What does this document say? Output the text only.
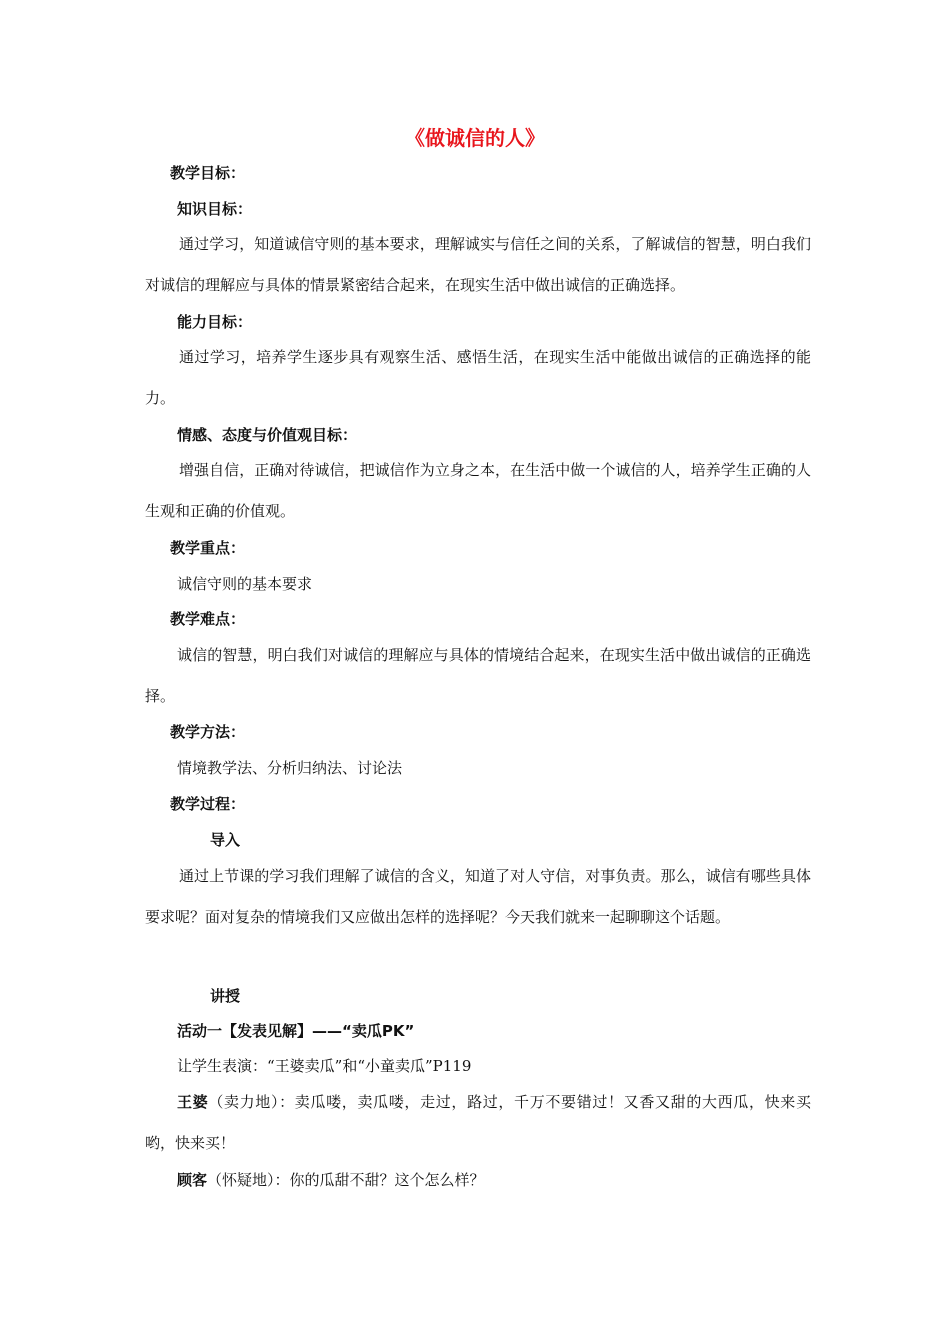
《做诚信的人》
教学目标：
知识目标：

通过学习，知道诚信守则的基本要求，理解诚实与信任之间的关系，了解诚信的智慧，明白我们对诚信的理解应与具体的情景紧密结合起来，在现实生活中做出诚信的正确选择。

能力目标：

通过学习，培养学生逐步具有观察生活、感悟生活，在现实生活中能做出诚信的正确选择的能力。

情感、态度与价值观目标：

增强自信，正确对待诚信，把诚信作为立身之本，在生活中做一个诚信的人，培养学生正确的人生观和正确的价值观。

教学重点：
诚信守则的基本要求
教学难点：

诚信的智慧，明白我们对诚信的理解应与具体的情境结合起来，在现实生活中做出诚信的正确选择。

教学方法：
情境教学法、分析归纳法、讨论法
教学过程：
导入

通过上节课的学习我们理解了诚信的含义，知道了对人守信，对事负责。那么，诚信有哪些具体要求呢？面对复杂的情境我们又应做出怎样的选择呢？今天我们就来一起聊聊这个话题。

讲授
活动一【发表见解】——“卖瓜PK”
让学生表演：“王婆卖瓜”和“小童卖瓜”P119

王婆（卖力地）：卖瓜喽，卖瓜喽，走过，路过，千万不要错过！又香又甜的大西瓜，快来买哟，快来买！

顾客（怀疑地）：你的瓜甜不甜？这个怎么样？
